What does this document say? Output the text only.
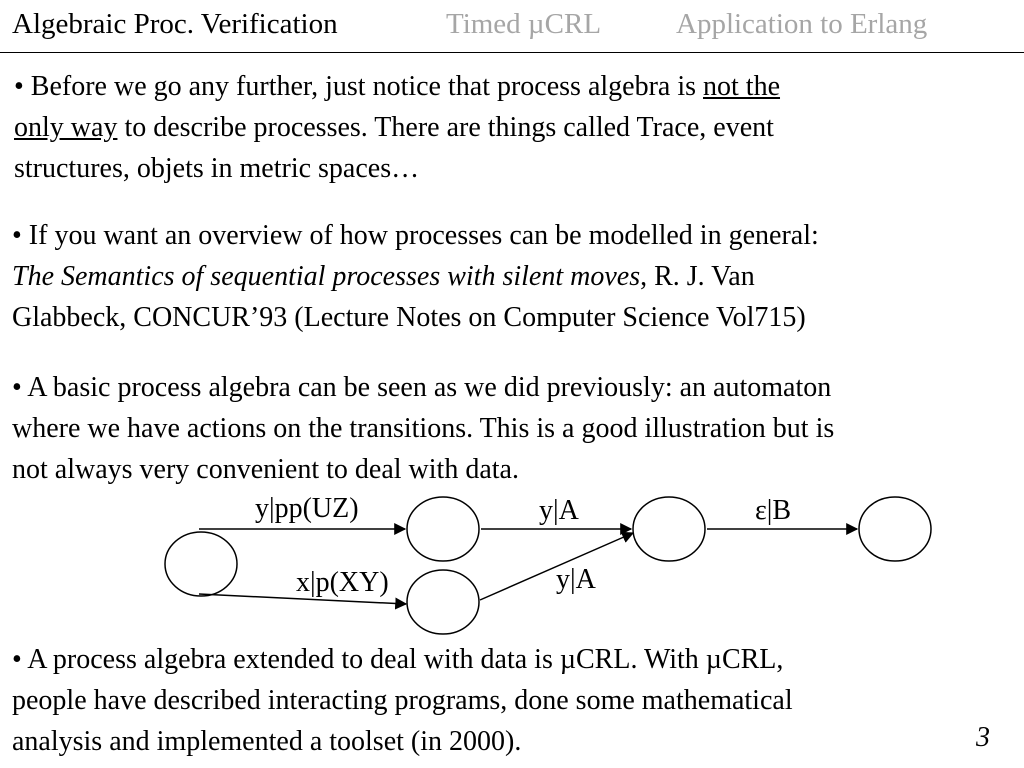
Algebraic Proc. Verification	Timed µCRL	Application to Erlang
• Before we go any further, just notice that process algebra is not the
only way to describe processes. There are things called Trace, event
structures, objets in metric spaces…
• If you want an overview of how processes can be modelled in general:
The Semantics of sequential processes with silent moves, R. J. Van
Glabbeck, CONCUR’93 (Lecture Notes on Computer Science Vol715)
• A basic process algebra can be seen as we did previously: an automaton
where we have actions on the transitions. This is a good illustration but is
not always very convenient to deal with data.
y|pp(UZ)
x|p(XY)
y|A
y|A
ε|B
• A process algebra extended to deal with data is µCRL. With µCRL,
people have described interacting programs, done some mathematical
analysis and implemented a toolset (in 2000).	3
